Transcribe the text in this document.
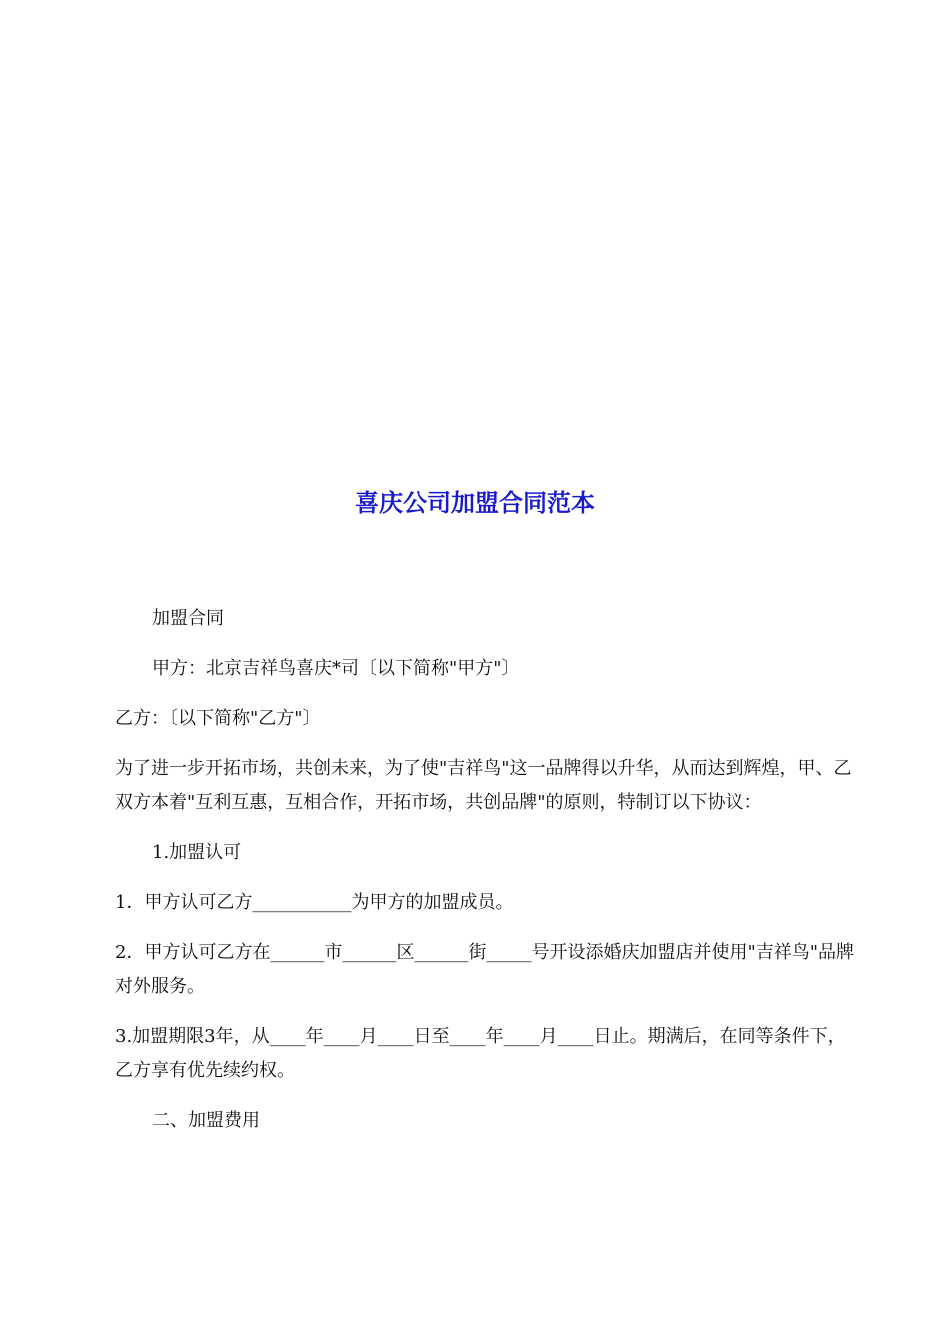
喜庆公司加盟合同范本

加盟合同

甲方：北京吉祥鸟喜庆*司〔以下简称"甲方"〕

乙方：〔以下简称"乙方"〕

为了进一步开拓市场，共创未来，为了使"吉祥鸟"这一品牌得以升华，从而达到辉煌，甲、乙双方本着"互利互惠，互相合作，开拓市场，共创品牌"的原则，特制订以下协议：

1.加盟认可

1．甲方认可乙方___________为甲方的加盟成员。

2．甲方认可乙方在______市______区______街_____号开设添婚庆加盟店并使用"吉祥鸟"品牌对外服务。

3.加盟期限3年，从____年____月____日至____年____月____日止。期满后，在同等条件下，乙方享有优先续约权。

二、加盟费用
